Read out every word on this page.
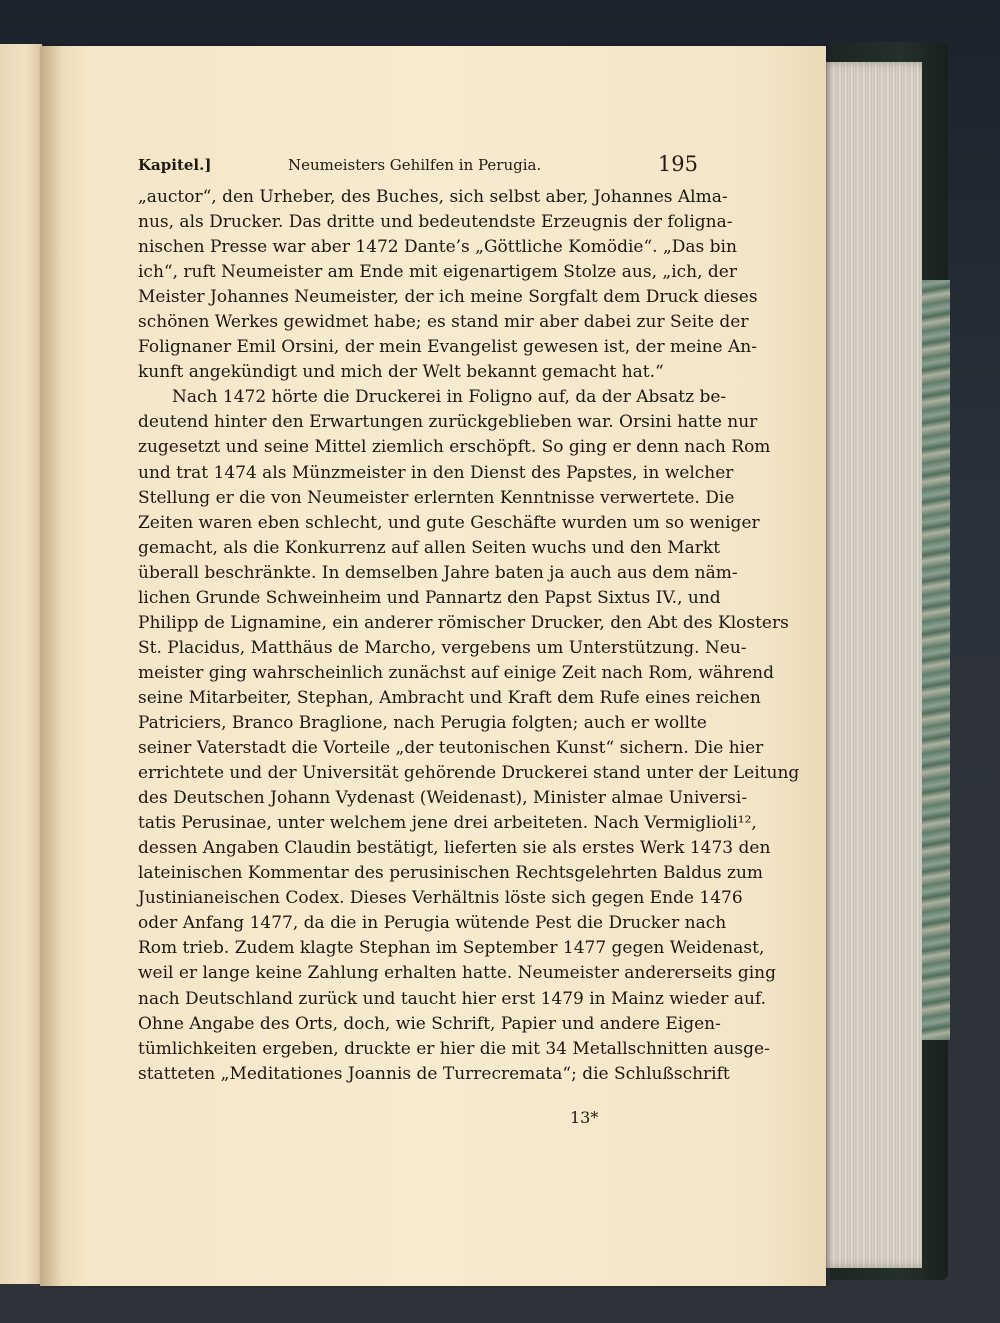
Kapitel.]	Neumeisters Gehilfen in Perugia.	195
„auctor“, den Urheber, des Buches, sich selbst aber, Johannes Alma-
nus, als Drucker. Das dritte und bedeutendste Erzeugnis der foligna-
nischen Presse war aber 1472 Dante’s „Göttliche Komödie“. „Das bin
ich“, ruft Neumeister am Ende mit eigenartigem Stolze aus, „ich, der
Meister Johannes Neumeister, der ich meine Sorgfalt dem Druck dieses
schönen Werkes gewidmet habe; es stand mir aber dabei zur Seite der
Folignaner Emil Orsini, der mein Evangelist gewesen ist, der meine An-
kunft angekündigt und mich der Welt bekannt gemacht hat.“
Nach 1472 hörte die Druckerei in Foligno auf, da der Absatz be-
deutend hinter den Erwartungen zurückgeblieben war. Orsini hatte nur
zugesetzt und seine Mittel ziemlich erschöpft. So ging er denn nach Rom
und trat 1474 als Münzmeister in den Dienst des Papstes, in welcher
Stellung er die von Neumeister erlernten Kenntnisse verwertete. Die
Zeiten waren eben schlecht, und gute Geschäfte wurden um so weniger
gemacht, als die Konkurrenz auf allen Seiten wuchs und den Markt
überall beschränkte. In demselben Jahre baten ja auch aus dem näm-
lichen Grunde Schweinheim und Pannartz den Papst Sixtus IV., und
Philipp de Lignamine, ein anderer römischer Drucker, den Abt des Klosters
St. Placidus, Matthäus de Marcho, vergebens um Unterstützung. Neu-
meister ging wahrscheinlich zunächst auf einige Zeit nach Rom, während
seine Mitarbeiter, Stephan, Ambracht und Kraft dem Rufe eines reichen
Patriciers, Branco Braglione, nach Perugia folgten; auch er wollte
seiner Vaterstadt die Vorteile „der teutonischen Kunst“ sichern. Die hier
errichtete und der Universität gehörende Druckerei stand unter der Leitung
des Deutschen Johann Vydenast (Weidenast), Minister almae Universi-
tatis Perusinae, unter welchem jene drei arbeiteten. Nach Vermiglioli¹²,
dessen Angaben Claudin bestätigt, lieferten sie als erstes Werk 1473 den
lateinischen Kommentar des perusinischen Rechtsgelehrten Baldus zum
Justinianeischen Codex. Dieses Verhältnis löste sich gegen Ende 1476
oder Anfang 1477, da die in Perugia wütende Pest die Drucker nach
Rom trieb. Zudem klagte Stephan im September 1477 gegen Weidenast,
weil er lange keine Zahlung erhalten hatte. Neumeister andererseits ging
nach Deutschland zurück und taucht hier erst 1479 in Mainz wieder auf.
Ohne Angabe des Orts, doch, wie Schrift, Papier und andere Eigen-
tümlichkeiten ergeben, druckte er hier die mit 34 Metallschnitten ausge-
statteten „Meditationes Joannis de Turrecremata“; die Schlußschrift
13*
